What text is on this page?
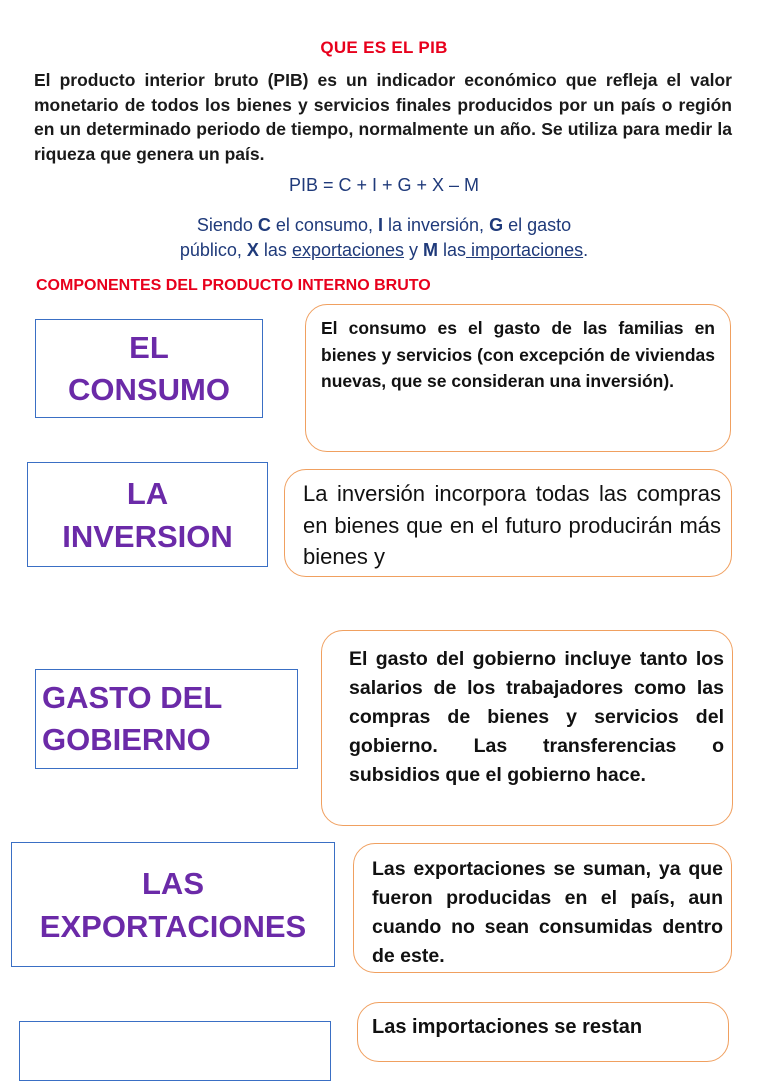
QUE ES EL PIB
El producto interior bruto (PIB) es un indicador económico que refleja el valor monetario de todos los bienes y servicios finales producidos por un país o región en un determinado periodo de tiempo, normalmente un año. Se utiliza para medir la riqueza que genera un país.
PIB = C + I + G + X – M
Siendo C el consumo, I la inversión, G el gasto
público, X las exportaciones y M las importaciones.
COMPONENTES DEL PRODUCTO INTERNO BRUTO
EL
CONSUMO
El consumo es el gasto de las familias en bienes y servicios (con excepción de viviendas nuevas, que se consideran una inversión).
LA
INVERSION
La inversión incorpora todas las compras en bienes que en el futuro producirán más bienes y
GASTO DEL
GOBIERNO
El gasto del gobierno incluye tanto los salarios de los trabajadores como las compras de bienes y servicios del gobierno. Las transferencias o subsidios que el gobierno hace.
LAS
EXPORTACIONES
Las exportaciones se suman, ya que fueron producidas en el país, aun cuando no sean consumidas dentro de este.
Las importaciones se restan
